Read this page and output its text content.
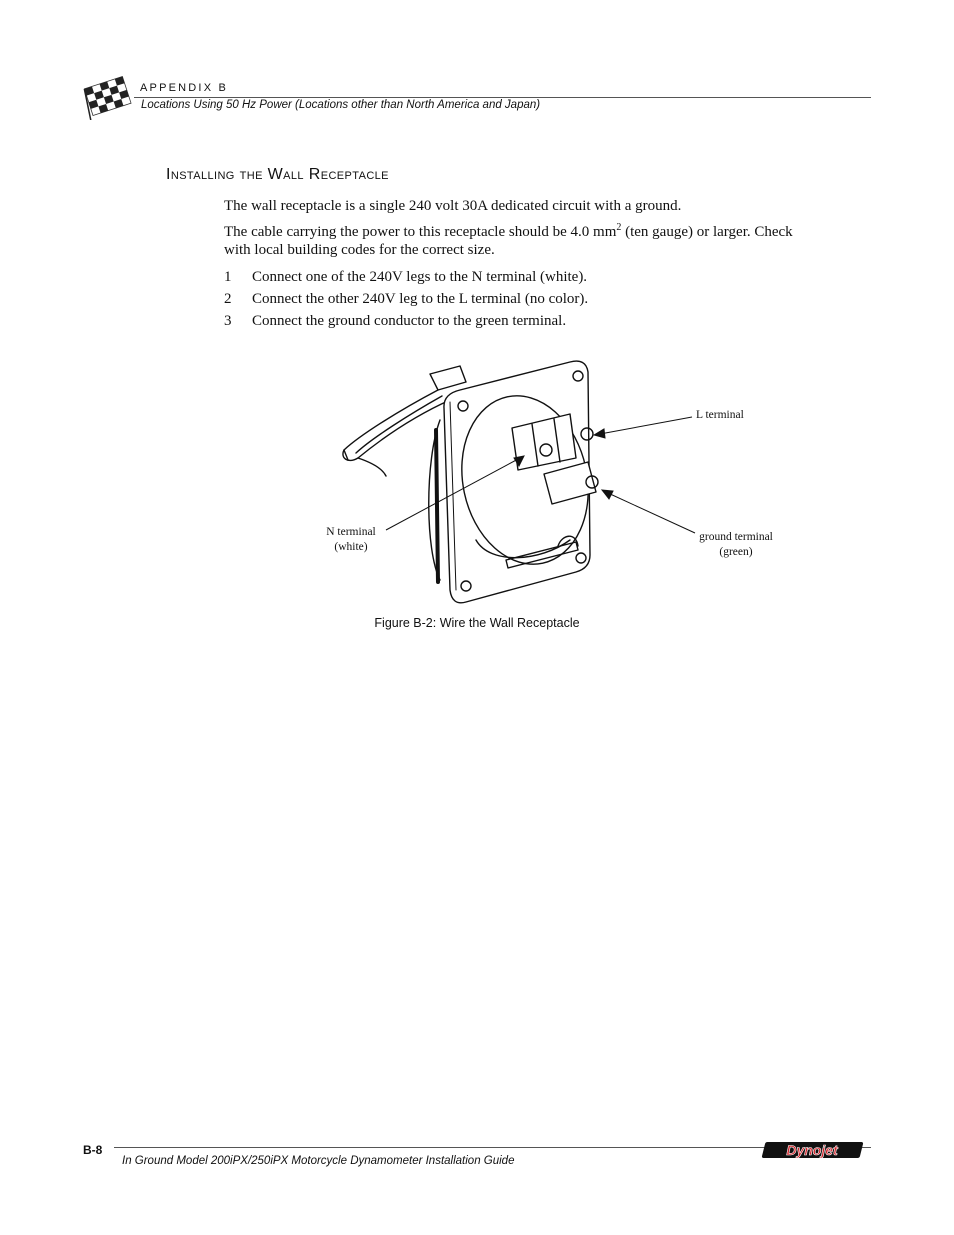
APPENDIX B
Locations Using 50 Hz Power (Locations other than North America and Japan)
Installing the Wall Receptacle
The wall receptacle is a single 240 volt 30A dedicated circuit with a ground.
The cable carrying the power to this receptacle should be 4.0 $mm^2$ (ten gauge) or larger. Check with local building codes for the correct size.
1 Connect one of the 240V legs to the N terminal (white).
2 Connect the other 240V leg to the L terminal (no color).
3 Connect the ground conductor to the green terminal.
L terminal
N terminal
(white)
ground terminal
(green)
Figure B-2: Wire the Wall Receptacle
B-8
In Ground Model 200iPX/250iPX Motorcycle Dynamometer Installation Guide
Dynojet
